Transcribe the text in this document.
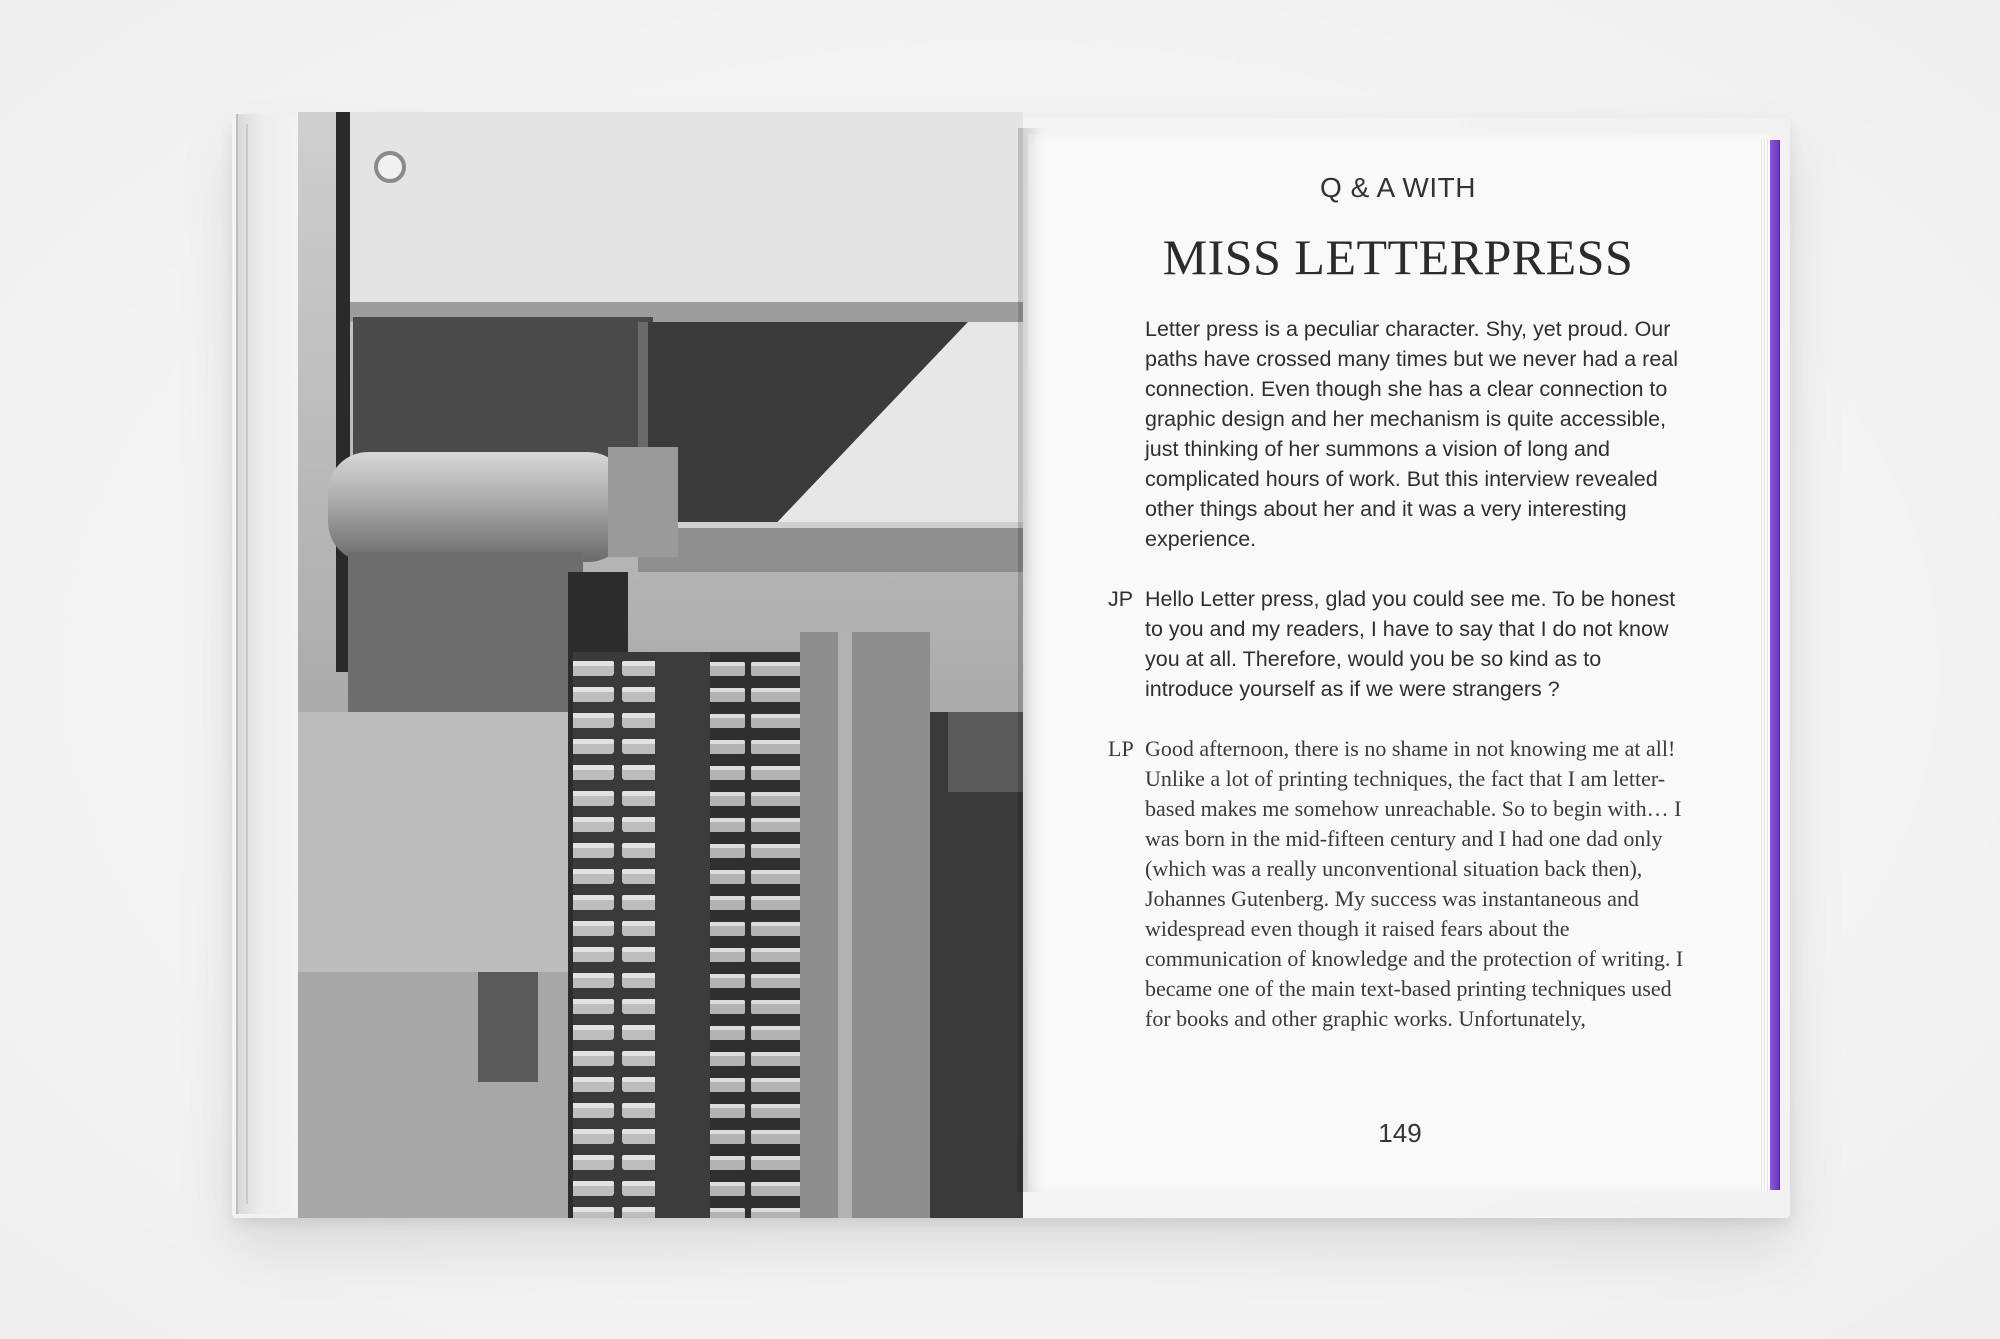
Q & A WITH
MISS LETTERPRESS

Letter press is a peculiar character. Shy, yet proud. Our paths have crossed many times but we never had a real connection. Even though she has a clear connection to graphic design and her mechanism is quite accessible, just thinking of her summons a vision of long and complicated hours of work. But this interview revealed other things about her and it was a very interesting experience.

JP Hello Letter press, glad you could see me. To be honest to you and my readers, I have to say that I do not know you at all. Therefore, would you be so kind as to introduce yourself as if we were strangers ?
LP Good afternoon, there is no shame in not knowing me at all! Unlike a lot of printing techniques, the fact that I am letter-based makes me somehow unreachable. So to begin with… I was born in the mid-fifteen century and I had one dad only (which was a really unconventional situation back then), Johannes Gutenberg. My success was instantaneous and widespread even though it raised fears about the communication of knowledge and the protection of writing. I became one of the main text-based printing techniques used for books and other graphic works. Unfortunately,
149
